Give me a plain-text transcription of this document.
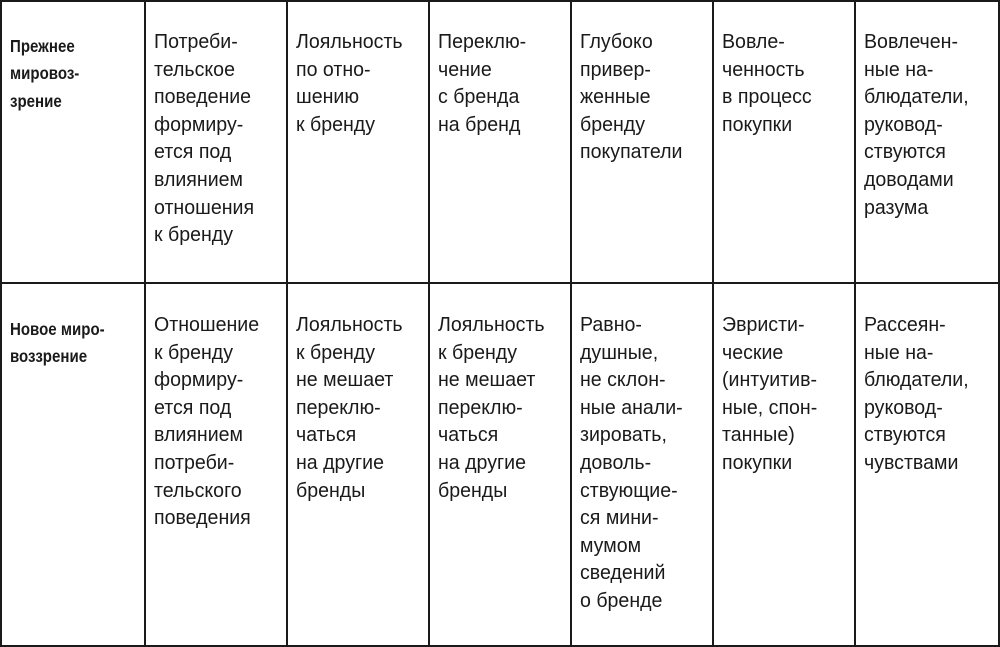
Прежнее
мировоз-
зрение
Потреби-
тельское
поведение
формиру-
ется под
влиянием
отношения
к бренду
Лояльность
по отно-
шению
к бренду
Переклю-
чение
с бренда
на бренд
Глубоко
привер-
женные
бренду
покупатели
Вовле-
ченность
в процесс
покупки
Вовлечен-
ные на-
блюдатели,
руковод-
ствуются
доводами
разума
Новое миро-
воззрение
Отношение
к бренду
формиру-
ется под
влиянием
потреби-
тельского
поведения
Лояльность
к бренду
не мешает
переклю-
чаться
на другие
бренды
Лояльность
к бренду
не мешает
переклю-
чаться
на другие
бренды
Равно-
душные,
не склон-
ные анали-
зировать,
доволь-
ствующие-
ся мини-
мумом
сведений
о бренде
Эвристи-
ческие
(интуитив-
ные, спон-
танные)
покупки
Рассеян-
ные на-
блюдатели,
руковод-
ствуются
чувствами
